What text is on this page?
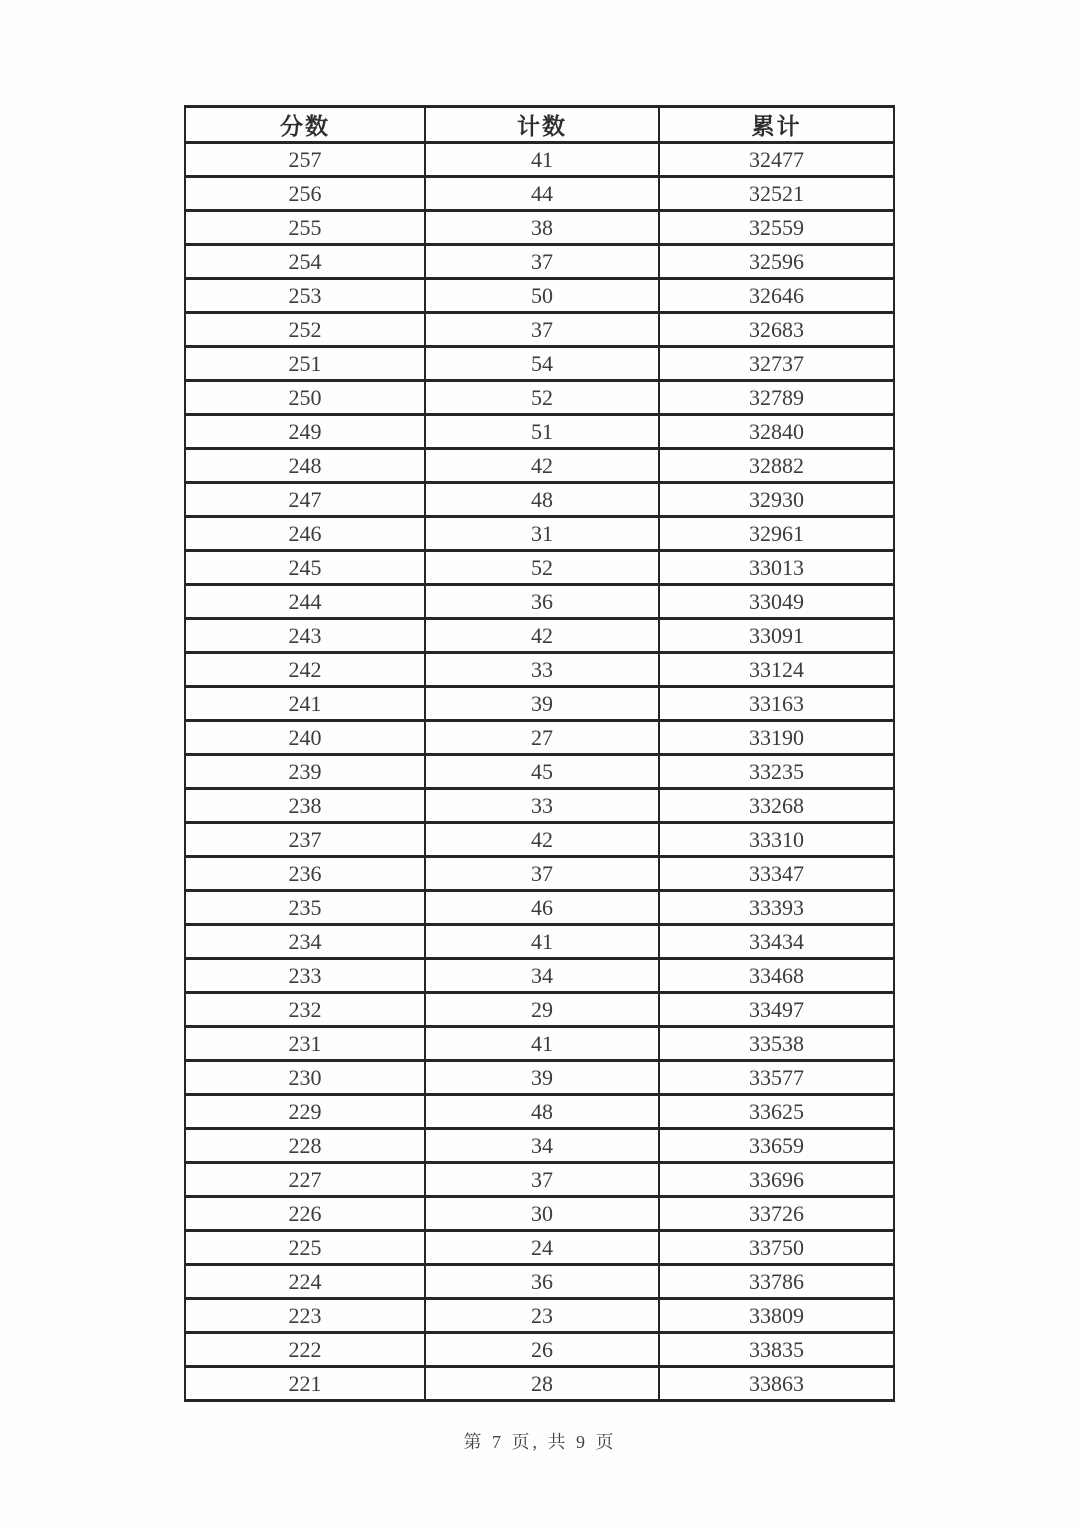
分数	计数	累计
257	41	32477
256	44	32521
255	38	32559
254	37	32596
253	50	32646
252	37	32683
251	54	32737
250	52	32789
249	51	32840
248	42	32882
247	48	32930
246	31	32961
245	52	33013
244	36	33049
243	42	33091
242	33	33124
241	39	33163
240	27	33190
239	45	33235
238	33	33268
237	42	33310
236	37	33347
235	46	33393
234	41	33434
233	34	33468
232	29	33497
231	41	33538
230	39	33577
229	48	33625
228	34	33659
227	37	33696
226	30	33726
225	24	33750
224	36	33786
223	23	33809
222	26	33835
221	28	33863
第 7 页, 共 9 页
